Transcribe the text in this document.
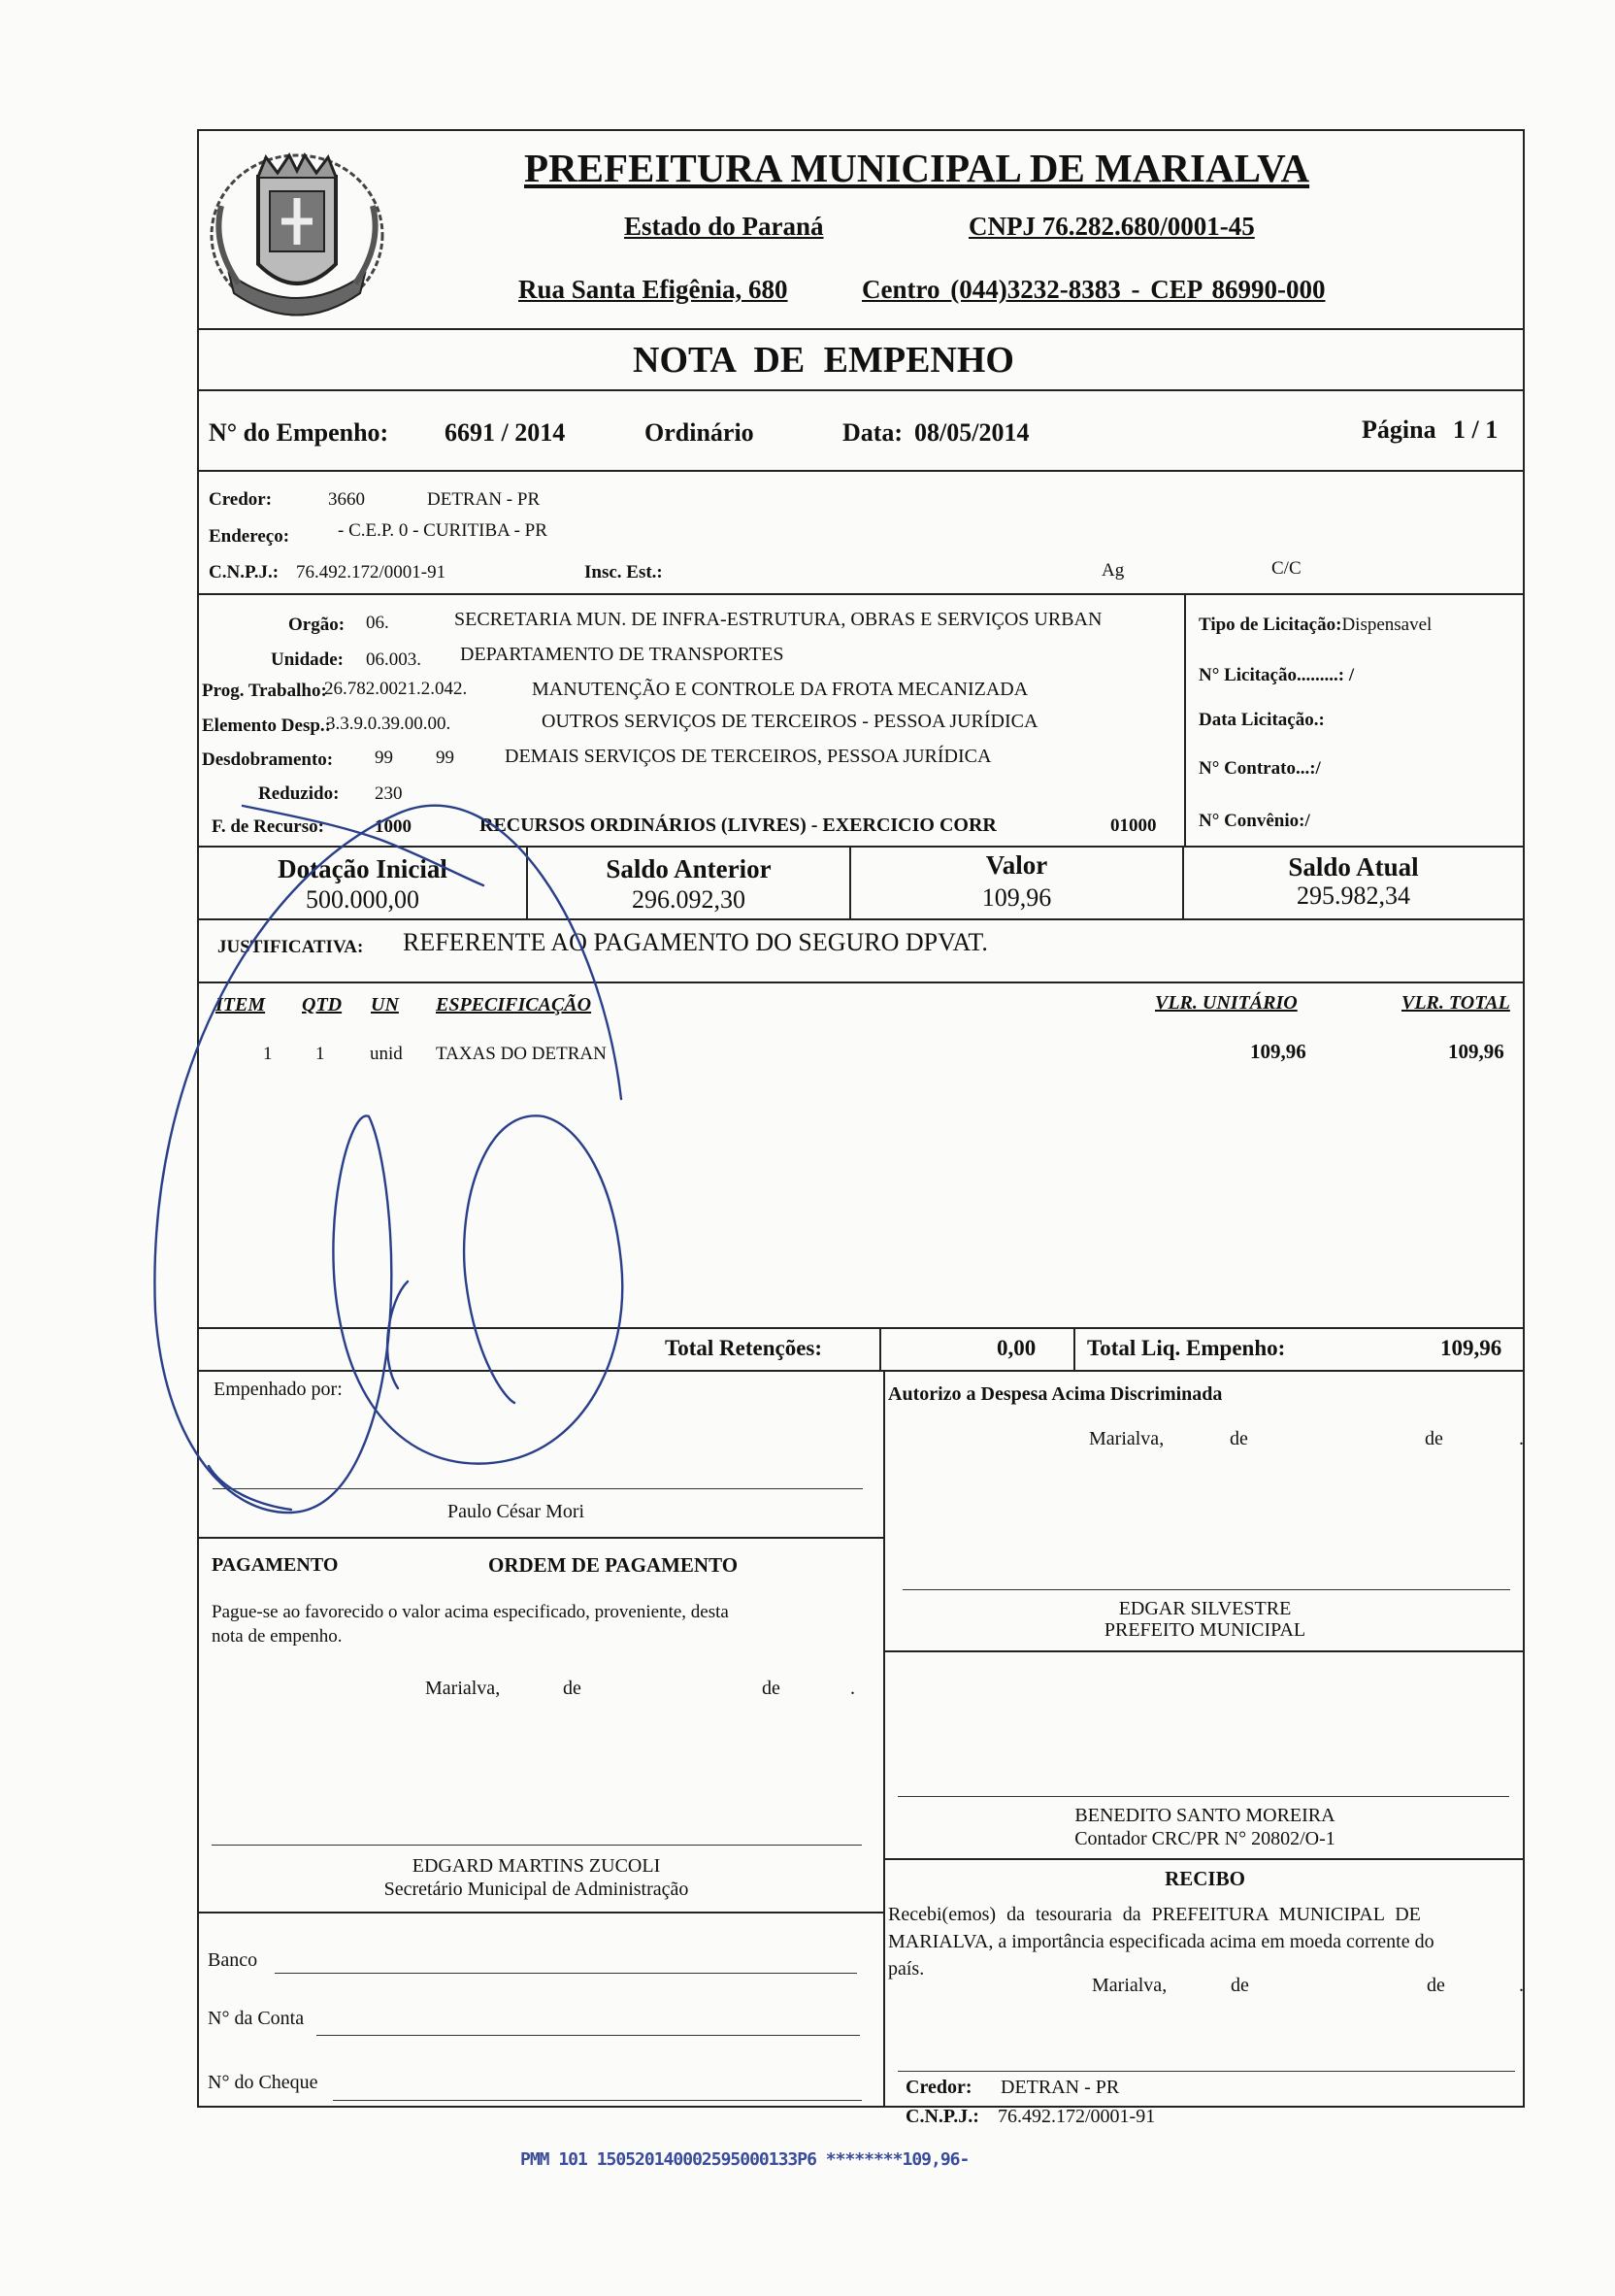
PREFEITURA MUNICIPAL DE MARIALVA
Estado do Paraná	CNPJ 76.282.680/0001-45
Rua Santa Efigênia, 680	Centro (044)3232-8383 - CEP 86990-000
NOTA DE EMPENHO
N° do Empenho: 6691 / 2014	Ordinário	Data: 08/05/2014	Página 1 / 1
Credor:	3660	DETRAN - PR
Endereço:	- C.E.P. 0 - CURITIBA - PR
C.N.P.J.: 76.492.172/0001-91	Insc. Est.:	Ag	C/C
Orgão: 06.	SECRETARIA MUN. DE INFRA-ESTRUTURA, OBRAS E SERVIÇOS URBAN
Unidade: 06.003. DEPARTAMENTO DE TRANSPORTES
Prog. Trabalho:
26.782.0021.2.042.	MANUTENÇÃO E CONTROLE DA FROTA MECANIZADA
Elemento Desp.:
3.3.9.0.39.00.00.	OUTROS SERVIÇOS DE TERCEIROS - PESSOA JURÍDICA
Desdobramento: 99 99	DEMAIS SERVIÇOS DE TERCEIROS, PESSOA JURÍDICA
Reduzido: 230
F. de Recurso:	1000	RECURSOS ORDINÁRIOS (LIVRES) - EXERCICIO CORR	01000
Tipo de Licitação:Dispensavel
N° Licitação.........: /
Data Licitação.:
N° Contrato...:/
N° Convênio:/
Dotação Inicial
500.000,00
Saldo Anterior
296.092,30
Valor
109,96
Saldo Atual
295.982,34
JUSTIFICATIVA: REFERENTE AO PAGAMENTO DO SEGURO DPVAT.
ITEM QTD UN ESPECIFICAÇÃO	VLR. UNITÁRIO	VLR. TOTAL
1 1 unid TAXAS DO DETRAN	109,96	109,96
Total Retenções:	0,00 Total Liq. Empenho:	109,96
Empenhado por:
Paulo César Mori
Autorizo a Despesa Acima Discriminada
Marialva,	de	de	.
PAGAMENTO	ORDEM DE PAGAMENTO
Pague-se ao favorecido o valor acima especificado, proveniente, desta
nota de empenho.
Marialva,	de	de	.
EDGAR SILVESTRE
PREFEITO MUNICIPAL
BENEDITO SANTO MOREIRA
Contador CRC/PR N° 20802/O-1
EDGARD MARTINS ZUCOLI
Secretário Municipal de Administração	RECIBO
Recebi(emos) da tesouraria da PREFEITURA MUNICIPAL DE
MARIALVA, a importância especificada acima em moeda corrente do
país.
Marialva,	de	de	.
Banco
N° da Conta
N° do Cheque	Credor: DETRAN - PR
C.N.P.J.: 76.492.172/0001-91
PMM 101 150520140002595000133P6 ********109,96-
